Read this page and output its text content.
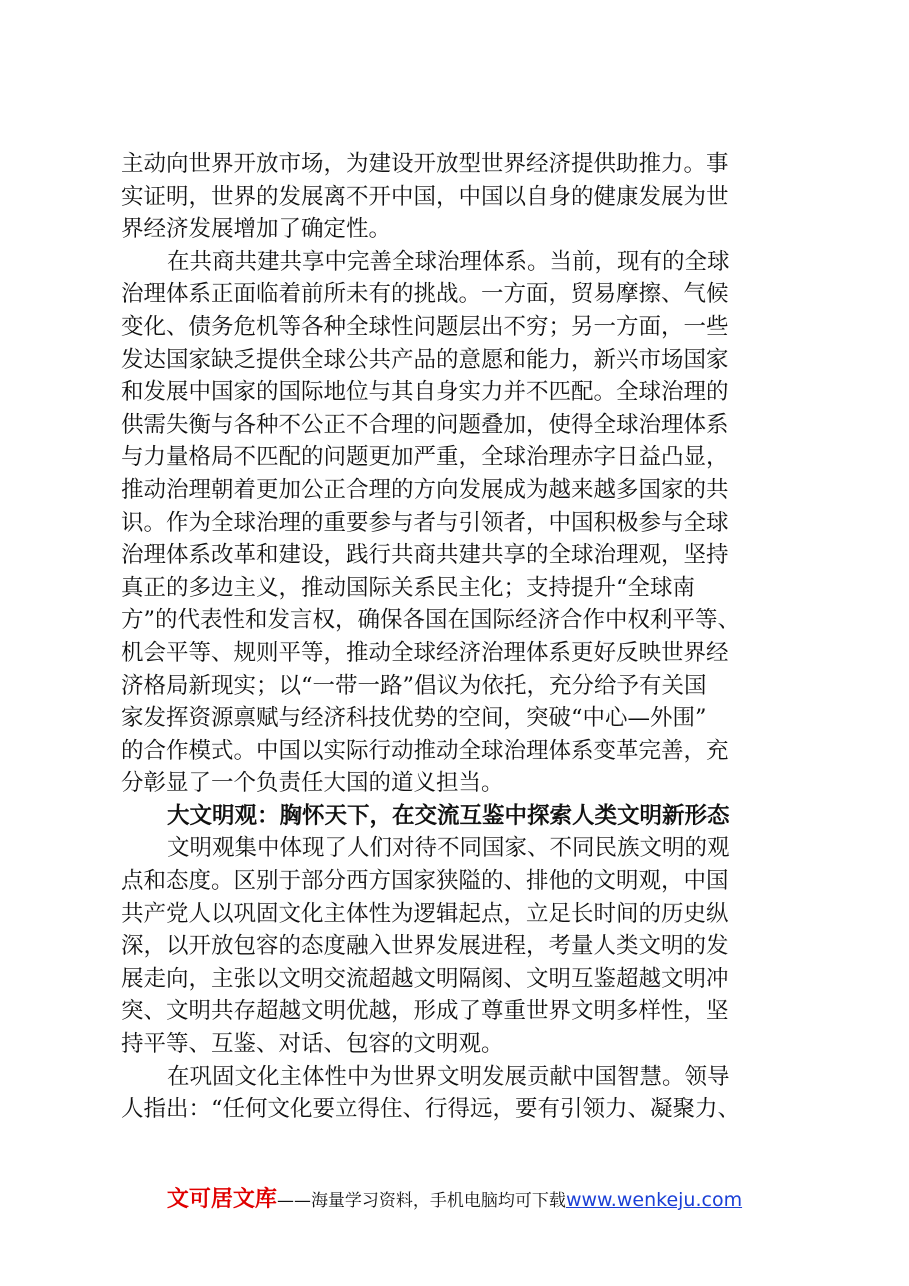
主动向世界开放市场，为建设开放型世界经济提供助推力。事
实证明，世界的发展离不开中国，中国以自身的健康发展为世
界经济发展增加了确定性。
在共商共建共享中完善全球治理体系。当前，现有的全球
治理体系正面临着前所未有的挑战。一方面，贸易摩擦、气候
变化、债务危机等各种全球性问题层出不穷；另一方面，一些
发达国家缺乏提供全球公共产品的意愿和能力，新兴市场国家
和发展中国家的国际地位与其自身实力并不匹配。全球治理的
供需失衡与各种不公正不合理的问题叠加，使得全球治理体系
与力量格局不匹配的问题更加严重，全球治理赤字日益凸显，
推动治理朝着更加公正合理的方向发展成为越来越多国家的共
识。作为全球治理的重要参与者与引领者，中国积极参与全球
治理体系改革和建设，践行共商共建共享的全球治理观，坚持
真正的多边主义，推动国际关系民主化；支持提升“全球南
方”的代表性和发言权，确保各国在国际经济合作中权利平等、
机会平等、规则平等，推动全球经济治理体系更好反映世界经
济格局新现实；以“一带一路”倡议为依托，充分给予有关国
家发挥资源禀赋与经济科技优势的空间，突破“中心—外围”
的合作模式。中国以实际行动推动全球治理体系变革完善，充
分彰显了一个负责任大国的道义担当。
大文明观：胸怀天下，在交流互鉴中探索人类文明新形态
文明观集中体现了人们对待不同国家、不同民族文明的观
点和态度。区别于部分西方国家狭隘的、排他的文明观，中国
共产党人以巩固文化主体性为逻辑起点，立足长时间的历史纵
深，以开放包容的态度融入世界发展进程，考量人类文明的发
展走向，主张以文明交流超越文明隔阂、文明互鉴超越文明冲
突、文明共存超越文明优越，形成了尊重世界文明多样性，坚
持平等、互鉴、对话、包容的文明观。
在巩固文化主体性中为世界文明发展贡献中国智慧。领导
人指出：“任何文化要立得住、行得远，要有引领力、凝聚力、
文可居文库——海量学习资料，手机电脑均可下载www.wenkeju.com
